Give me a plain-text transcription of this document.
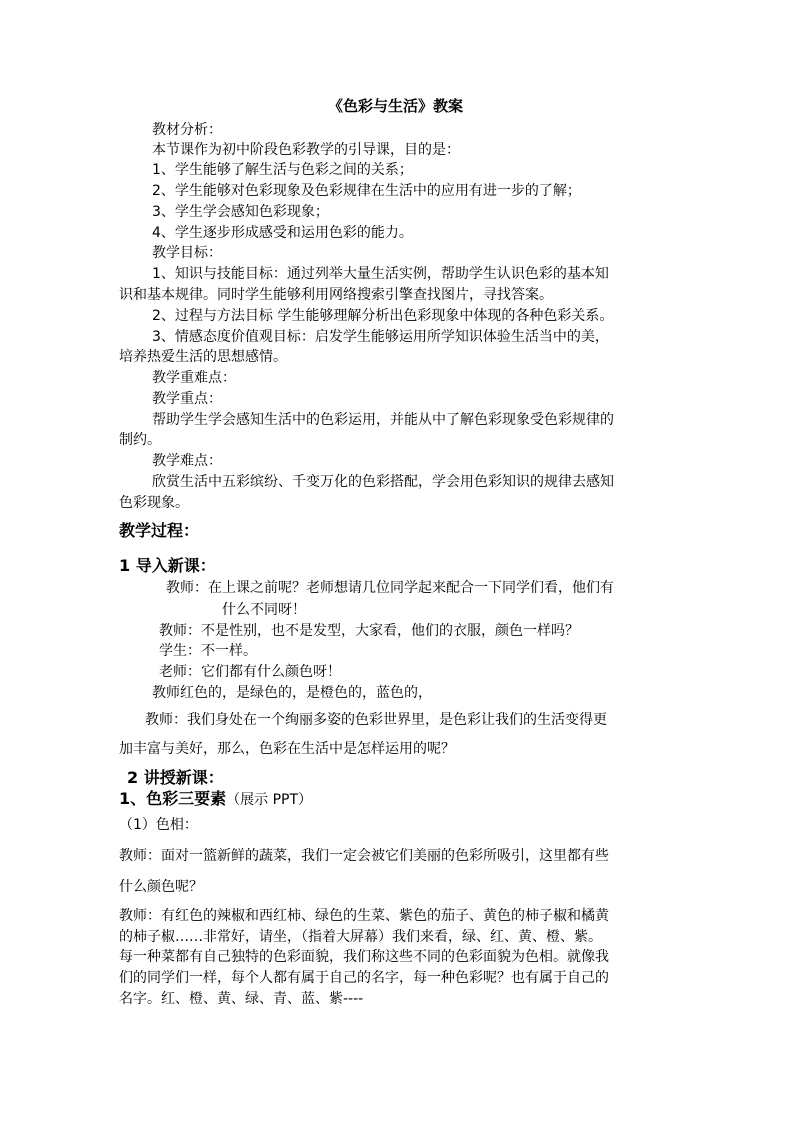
《色彩与生活》教案
教材分析：
本节课作为初中阶段色彩教学的引导课，目的是：
1、学生能够了解生活与色彩之间的关系；
2、学生能够对色彩现象及色彩规律在生活中的应用有进一步的了解；
3、学生学会感知色彩现象；
4、学生逐步形成感受和运用色彩的能力。
教学目标：
1、知识与技能目标：通过列举大量生活实例，帮助学生认识色彩的基本知
识和基本规律。同时学生能够利用网络搜索引擎查找图片，寻找答案。
2、过程与方法目标 学生能够理解分析出色彩现象中体现的各种色彩关系。
3、情感态度价值观目标：启发学生能够运用所学知识体验生活当中的美，
培养热爱生活的思想感情。
教学重难点：
教学重点：
帮助学生学会感知生活中的色彩运用，并能从中了解色彩现象受色彩规律的
制约。
教学难点：
欣赏生活中五彩缤纷、千变万化的色彩搭配，学会用色彩知识的规律去感知
色彩现象。
教学过程：
1 导入新课：
教师：在上课之前呢？老师想请几位同学起来配合一下同学们看，他们有
什么不同呀！
教师：不是性别，也不是发型，大家看，他们的衣服，颜色一样吗？
学生：不一样。
老师：它们都有什么颜色呀！
教师红色的，是绿色的，是橙色的，蓝色的，
教师：我们身处在一个绚丽多姿的色彩世界里，是色彩让我们的生活变得更
加丰富与美好，那么，色彩在生活中是怎样运用的呢？
2 讲授新课：
1、色彩三要素（展示 PPT）
（1）色相：
教师：面对一篮新鲜的蔬菜，我们一定会被它们美丽的色彩所吸引，这里都有些
什么颜色呢？
教师：有红色的辣椒和西红柿、绿色的生菜、紫色的茄子、黄色的柿子椒和橘黄
的柿子椒……非常好，请坐，（指着大屏幕）我们来看，绿、红、黄、橙、紫。
每一种菜都有自己独特的色彩面貌，我们称这些不同的色彩面貌为色相。就像我
们的同学们一样，每个人都有属于自己的名字，每一种色彩呢？也有属于自己的
名字。红、橙、黄、绿、青、蓝、紫----
